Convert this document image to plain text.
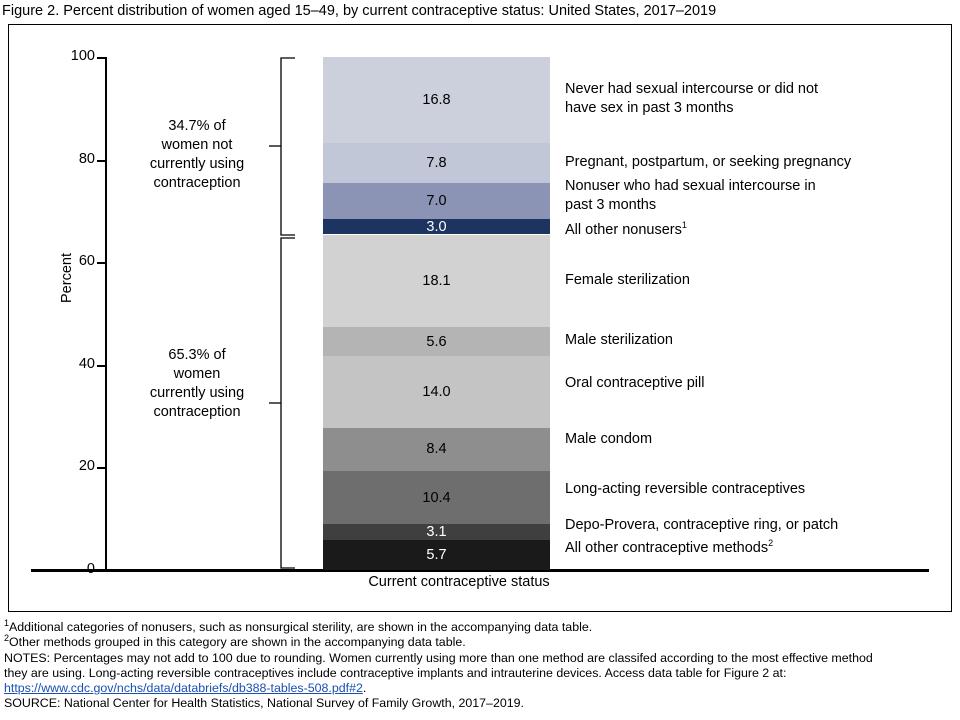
Figure 2. Percent distribution of women aged 15–49, by current contraceptive status: United States, 2017–2019
Percent
100
80
60
40
20
0
34.7% of
women not
currently using
contraception
65.3% of
women
currently using
contraception
16.8
7.8
7.0
3.0
18.1
5.6
14.0
8.4
10.4
3.1
5.7
Never had sexual intercourse or did not
have sex in past 3 months
Pregnant, postpartum, or seeking pregnancy
Nonuser who had sexual intercourse in
past 3 months
All other nonusers$^1$
Female sterilization
Male sterilization
Oral contraceptive pill
Male condom
Long-acting reversible contraceptives
Depo-Provera, contraceptive ring, or patch
All other contraceptive methods$^2$
Current contraceptive status
$^1$Additional categories of nonusers, such as nonsurgical sterility, are shown in the accompanying data table.
$^2$Other methods grouped in this category are shown in the accompanying data table.
NOTES: Percentages may not add to 100 due to rounding. Women currently using more than one method are classifed according to the most effective method
they are using. Long-acting reversible contraceptives include contraceptive implants and intrauterine devices. Access data table for Figure 2 at:
https://www.cdc.gov/nchs/data/databriefs/db388-tables-508.pdf#2.
SOURCE: National Center for Health Statistics, National Survey of Family Growth, 2017–2019.
